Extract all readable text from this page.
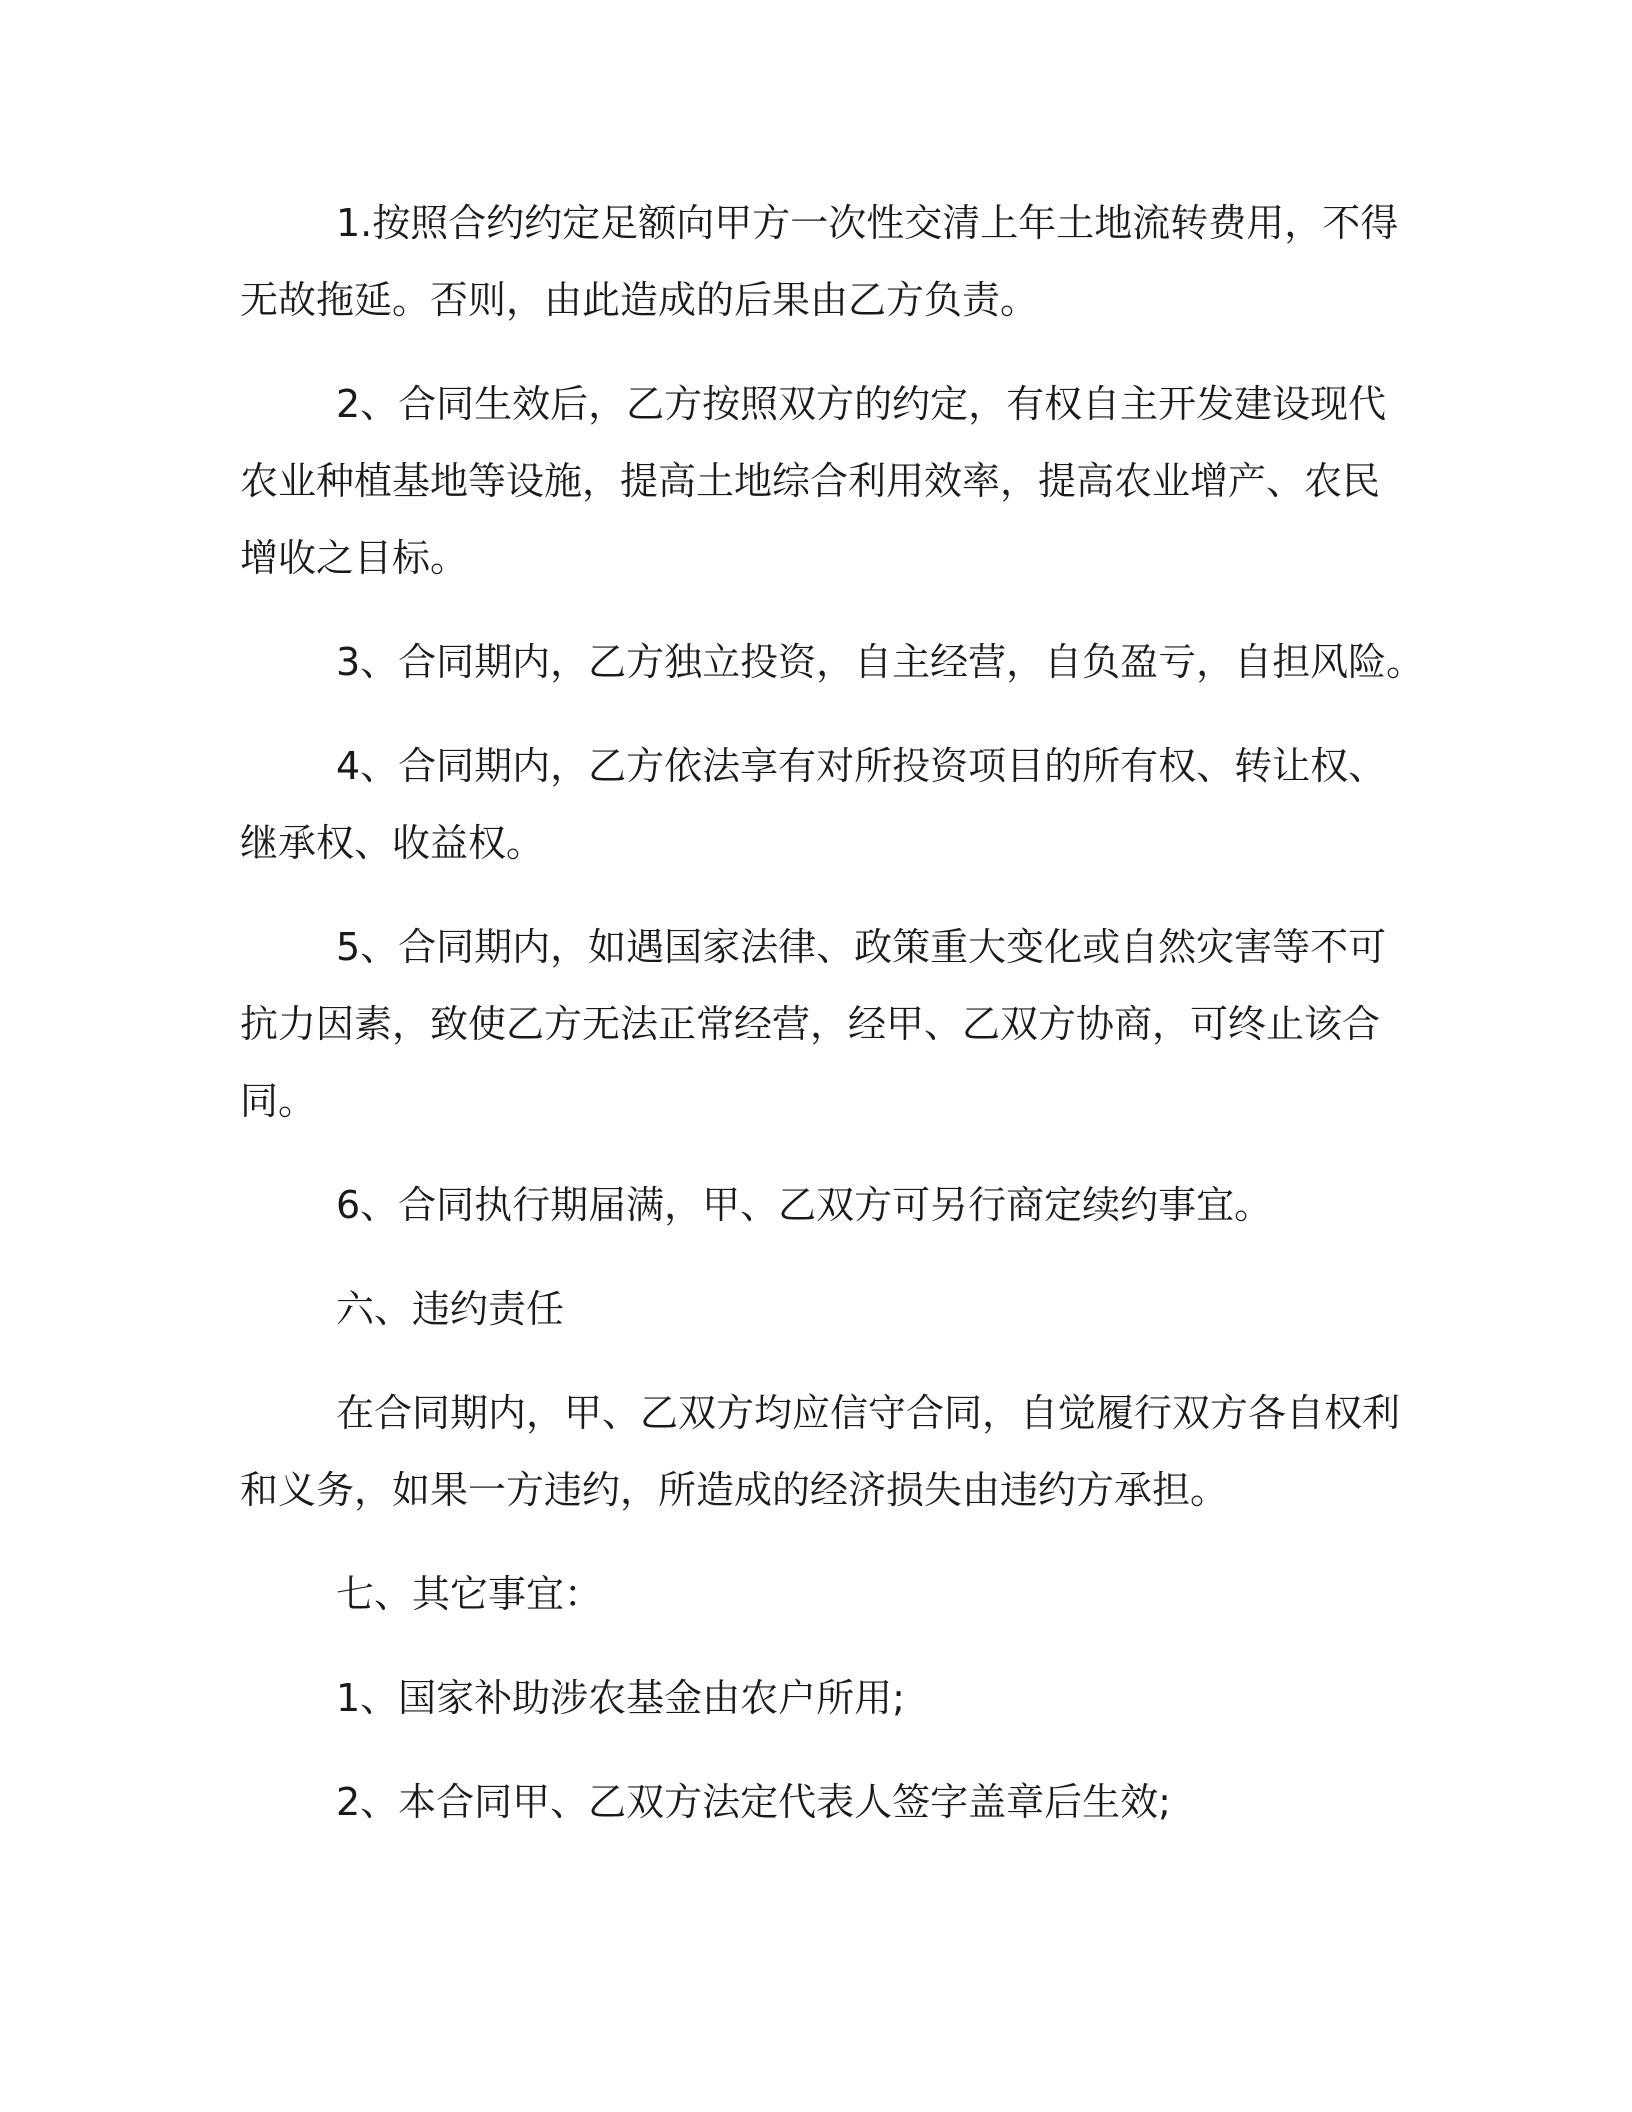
1.按照合约约定足额向甲方一次性交清上年土地流转费用，不得
无故拖延。否则，由此造成的后果由乙方负责。

2、合同生效后，乙方按照双方的约定，有权自主开发建设现代
农业种植基地等设施，提高土地综合利用效率，提高农业增产、农民
增收之目标。

3、合同期内，乙方独立投资，自主经营，自负盈亏，自担风险。

4、合同期内，乙方依法享有对所投资项目的所有权、转让权、
继承权、收益权。

5、合同期内，如遇国家法律、政策重大变化或自然灾害等不可
抗力因素，致使乙方无法正常经营，经甲、乙双方协商，可终止该合
同。

6、合同执行期届满，甲、乙双方可另行商定续约事宜。

六、违约责任

在合同期内，甲、乙双方均应信守合同，自觉履行双方各自权利
和义务，如果一方违约，所造成的经济损失由违约方承担。

七、其它事宜：

1、国家补助涉农基金由农户所用;

2、本合同甲、乙双方法定代表人签字盖章后生效;
